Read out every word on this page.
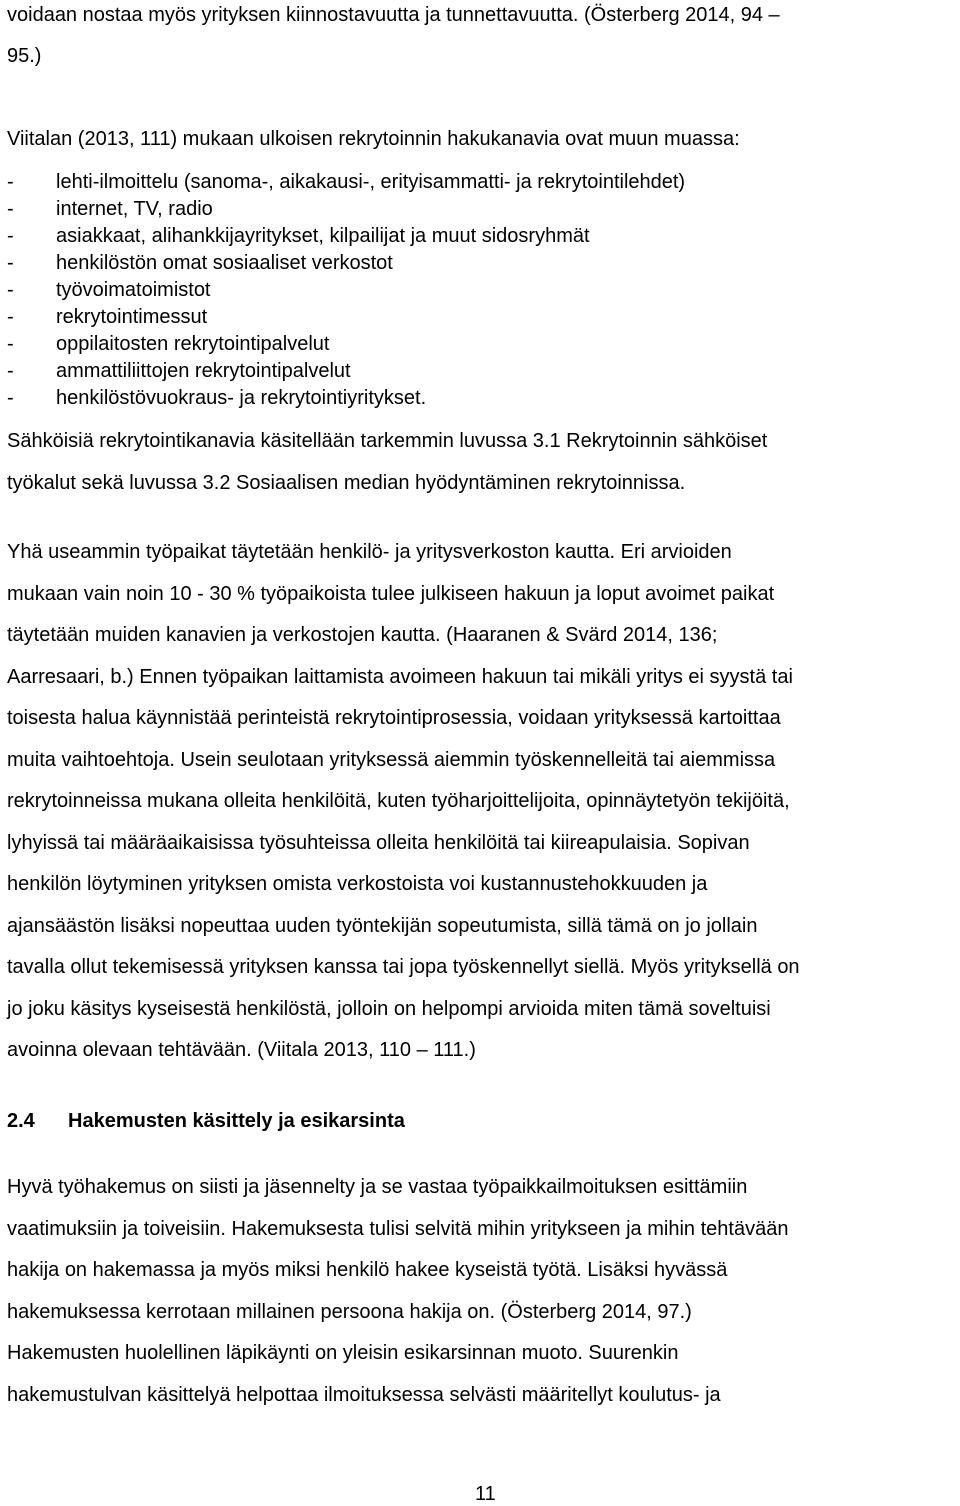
voidaan nostaa myös yrityksen kiinnostavuutta ja tunnettavuutta. (Österberg 2014, 94 –
95.)
Viitalan (2013, 111) mukaan ulkoisen rekrytoinnin hakukanavia ovat muun muassa:
-	lehti-ilmoittelu (sanoma-, aikakausi-, erityisammatti- ja rekrytointilehdet)
-	internet, TV, radio
-	asiakkaat, alihankkijayritykset, kilpailijat ja muut sidosryhmät
-	henkilöstön omat sosiaaliset verkostot
-	työvoimatoimistot
-	rekrytointimessut
-	oppilaitosten rekrytointipalvelut
-	ammattiliittojen rekrytointipalvelut
-	henkilöstövuokraus- ja rekrytointiyritykset.
Sähköisiä rekrytointikanavia käsitellään tarkemmin luvussa 3.1 Rekrytoinnin sähköiset
työkalut sekä luvussa 3.2 Sosiaalisen median hyödyntäminen rekrytoinnissa.
Yhä useammin työpaikat täytetään henkilö- ja yritysverkoston kautta. Eri arvioiden
mukaan vain noin 10 - 30 % työpaikoista tulee julkiseen hakuun ja loput avoimet paikat
täytetään muiden kanavien ja verkostojen kautta. (Haaranen & Svärd 2014, 136;
Aarresaari, b.) Ennen työpaikan laittamista avoimeen hakuun tai mikäli yritys ei syystä tai
toisesta halua käynnistää perinteistä rekrytointiprosessia, voidaan yrityksessä kartoittaa
muita vaihtoehtoja. Usein seulotaan yrityksessä aiemmin työskennelleitä tai aiemmissa
rekrytoinneissa mukana olleita henkilöitä, kuten työharjoittelijoita, opinnäytetyön tekijöitä,
lyhyissä tai määräaikaisissa työsuhteissa olleita henkilöitä tai kiireapulaisia. Sopivan
henkilön löytyminen yrityksen omista verkostoista voi kustannustehokkuuden ja
ajansäästön lisäksi nopeuttaa uuden työntekijän sopeutumista, sillä tämä on jo jollain
tavalla ollut tekemisessä yrityksen kanssa tai jopa työskennellyt siellä. Myös yrityksellä on
jo joku käsitys kyseisestä henkilöstä, jolloin on helpompi arvioida miten tämä soveltuisi
avoinna olevaan tehtävään. (Viitala 2013, 110 – 111.)
2.4 Hakemusten käsittely ja esikarsinta
Hyvä työhakemus on siisti ja jäsennelty ja se vastaa työpaikkailmoituksen esittämiin
vaatimuksiin ja toiveisiin. Hakemuksesta tulisi selvitä mihin yritykseen ja mihin tehtävään
hakija on hakemassa ja myös miksi henkilö hakee kyseistä työtä. Lisäksi hyvässä
hakemuksessa kerrotaan millainen persoona hakija on. (Österberg 2014, 97.)
Hakemusten huolellinen läpikäynti on yleisin esikarsinnan muoto. Suurenkin
hakemustulvan käsittelyä helpottaa ilmoituksessa selvästi määritellyt koulutus- ja
11
